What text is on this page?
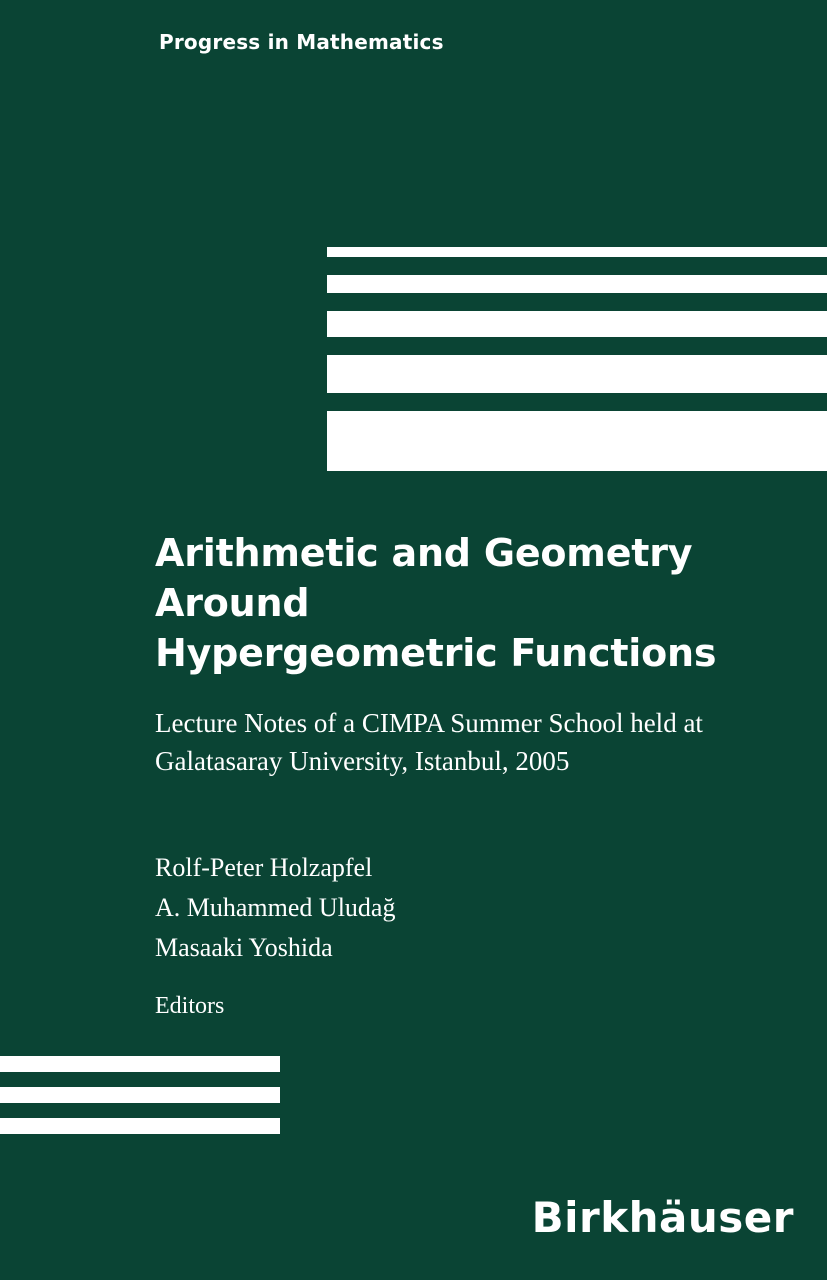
Progress in Mathematics
Arithmetic and Geometry
Around
Hypergeometric Functions
Lecture Notes of a CIMPA Summer School held at
Galatasaray University, Istanbul, 2005
Rolf-Peter Holzapfel
A. Muhammed Uludağ
Masaaki Yoshida
Editors
Birkhäuser
